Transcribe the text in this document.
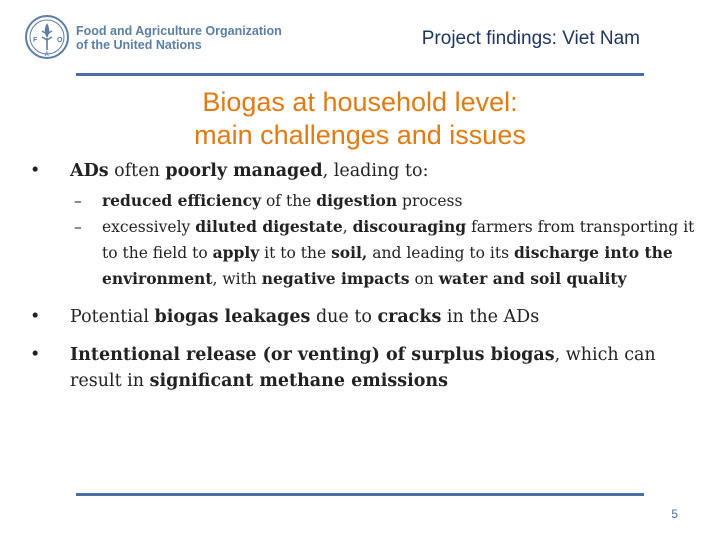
F	O
A
Food and Agriculture Organization
of the United Nations	Project findings: Viet Nam
Biogas at household level:
main challenges and issues
• ADs often poorly managed, leading to:
– reduced efficiency of the digestion process
– excessively diluted digestate, discouraging farmers from transporting it to the field to apply it to the soil, and leading to its discharge into the environment, with negative impacts on water and soil quality
• Potential biogas leakages due to cracks in the ADs
• Intentional release (or venting) of surplus biogas, which can result in significant methane emissions
5
